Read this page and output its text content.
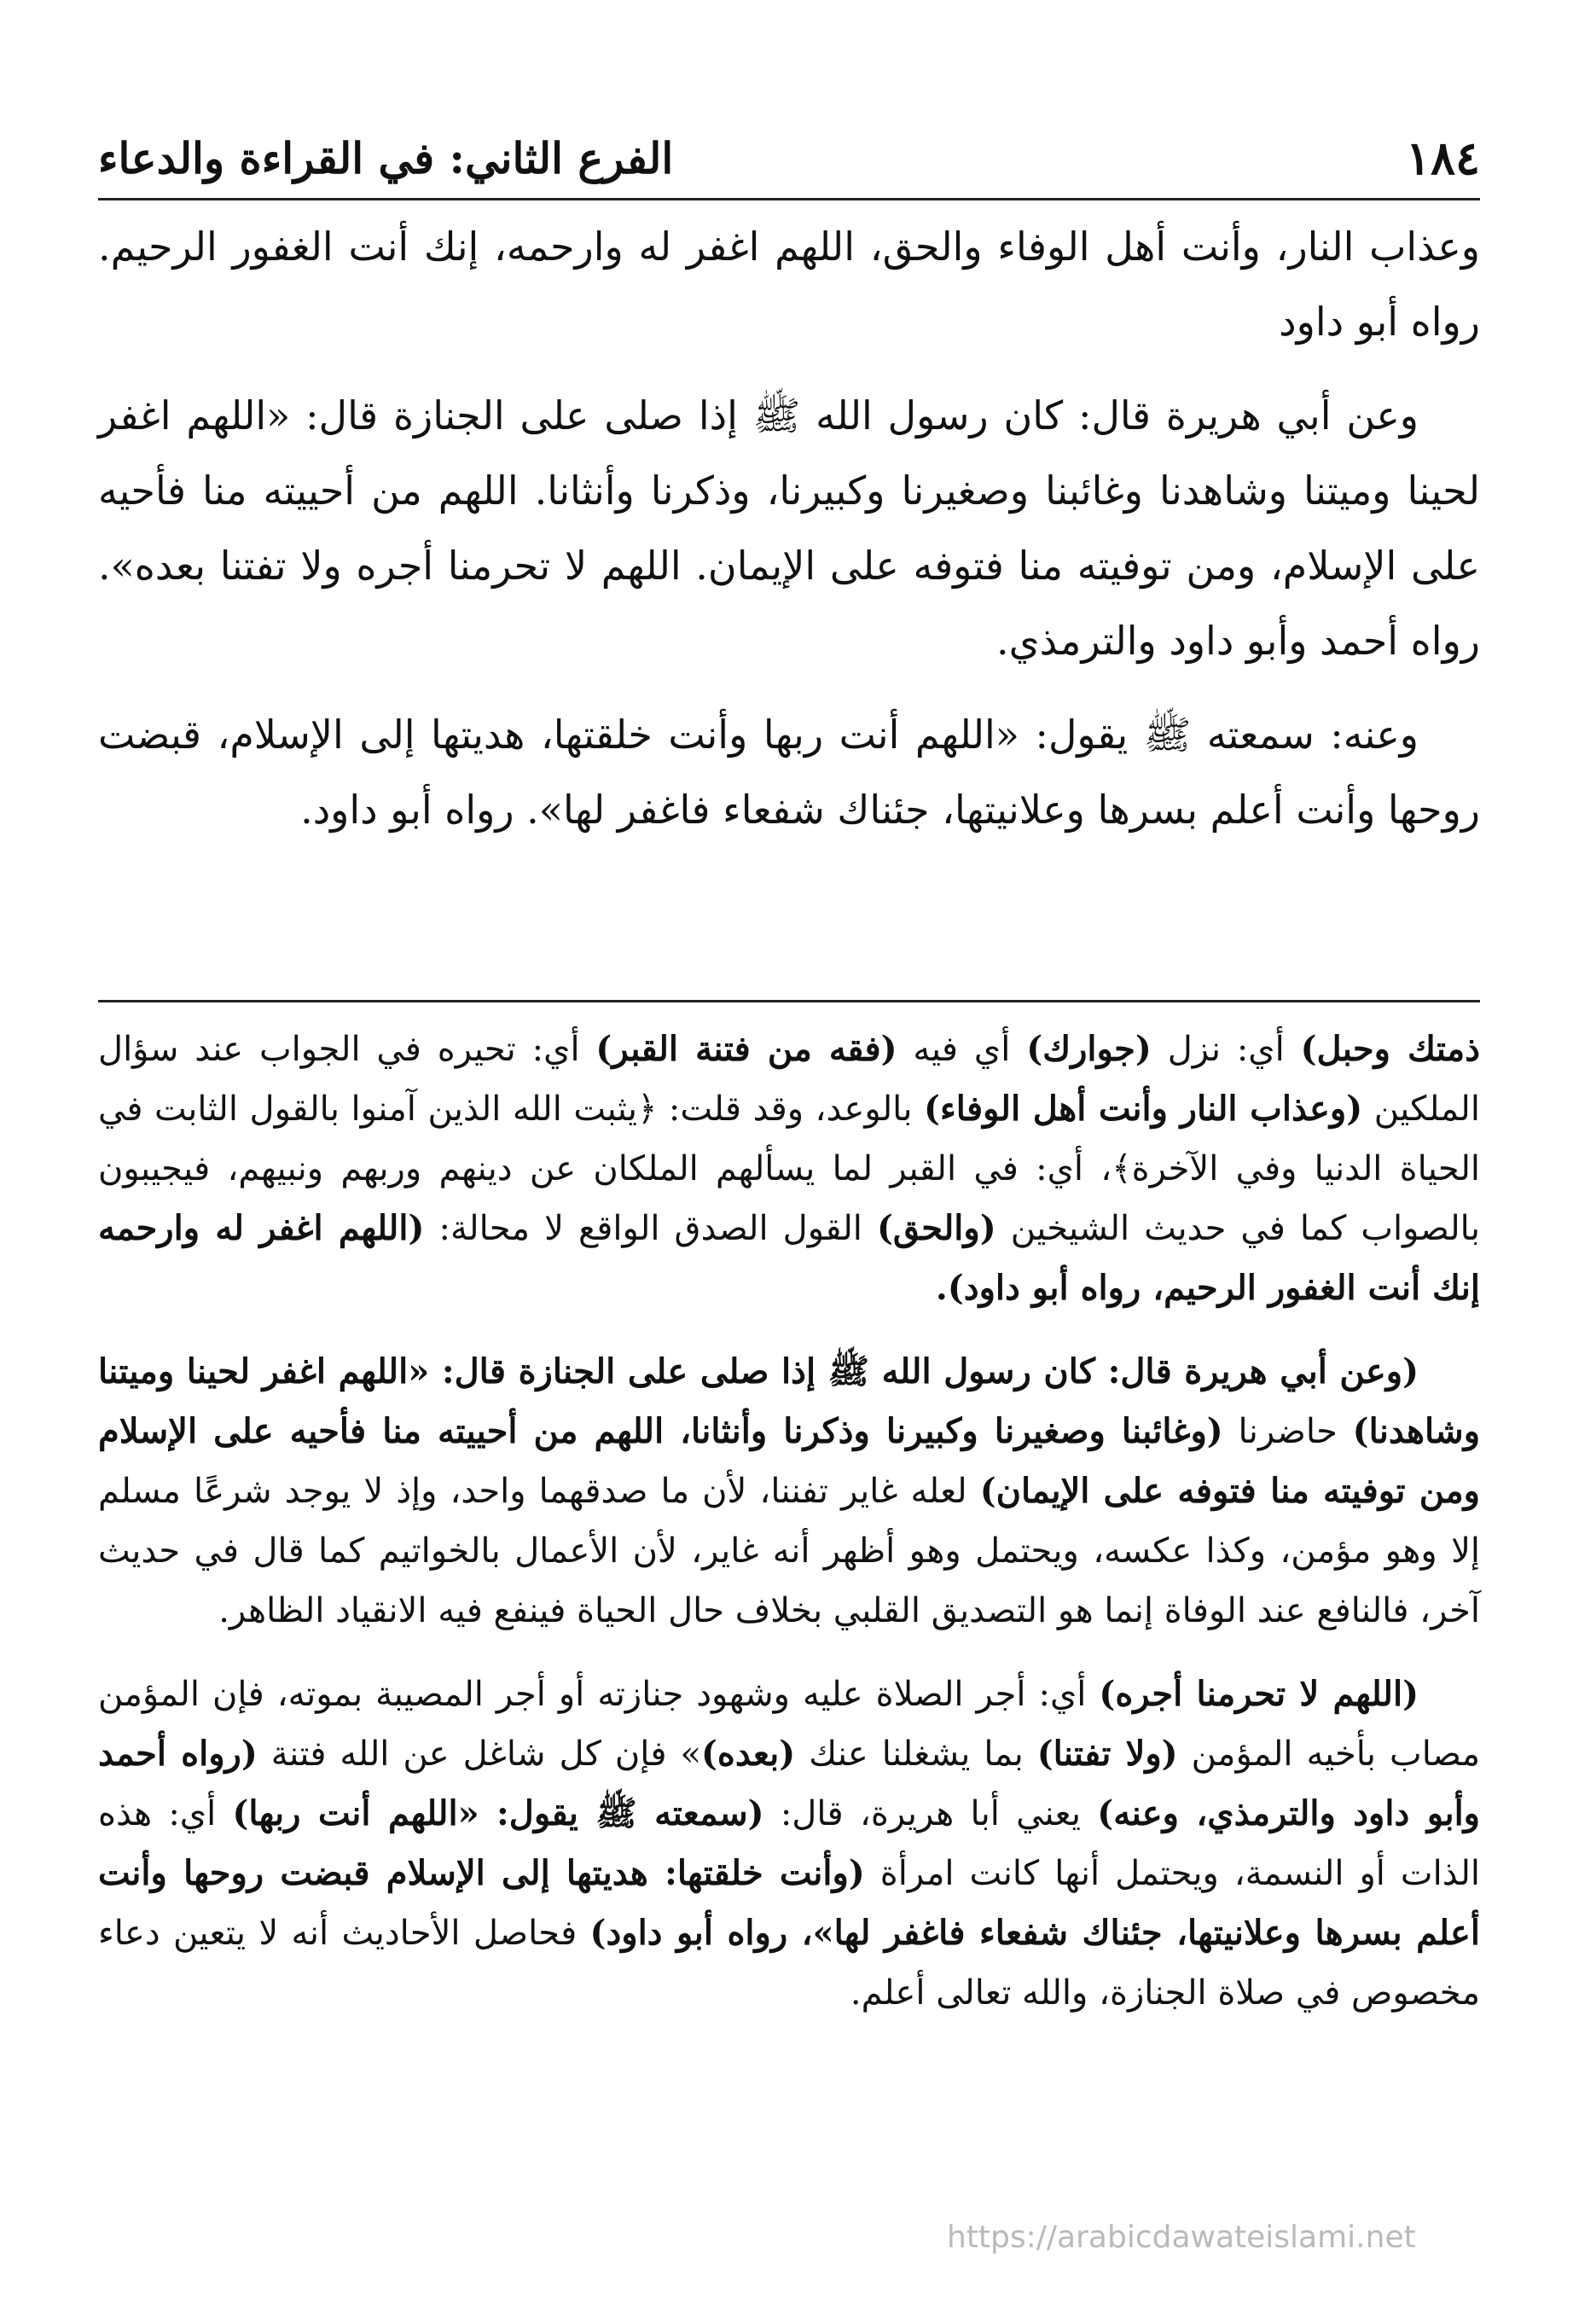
١٨٤
الفرع الثاني: في القراءة والدعاء

وعذاب النار، وأنت أهل الوفاء والحق، اللهم اغفر له وارحمه، إنك أنت الغفور الرحيم. رواه أبو داود

وعن أبي هريرة قال: كان رسول الله ﷺ إذا صلى على الجنازة قال: «اللهم اغفر لحينا وميتنا وشاهدنا وغائبنا وصغيرنا وكبيرنا، وذكرنا وأنثانا. اللهم من أحييته منا فأحيه على الإسلام، ومن توفيته منا فتوفه على الإيمان. اللهم لا تحرمنا أجره ولا تفتنا بعده». رواه أحمد وأبو داود والترمذي.

وعنه: سمعته ﷺ يقول: «اللهم أنت ربها وأنت خلقتها، هديتها إلى الإسلام، قبضت روحها وأنت أعلم بسرها وعلانيتها، جئناك شفعاء فاغفر لها». رواه أبو داود.

ذمتك وحبل) أي: نزل (جوارك) أي فيه (فقه من فتنة القبر) أي: تحيره في الجواب عند سؤال الملكين (وعذاب النار وأنت أهل الوفاء) بالوعد، وقد قلت: ﴿يثبت الله الذين آمنوا بالقول الثابت في الحياة الدنيا وفي الآخرة﴾، أي: في القبر لما يسألهم الملكان عن دينهم وربهم ونبيهم، فيجيبون بالصواب كما في حديث الشيخين (والحق) القول الصدق الواقع لا محالة: (اللهم اغفر له وارحمه إنك أنت الغفور الرحيم، رواه أبو داود).

(وعن أبي هريرة قال: كان رسول الله ﷺ إذا صلى على الجنازة قال: «اللهم اغفر لحينا وميتنا وشاهدنا) حاضرنا (وغائبنا وصغيرنا وكبيرنا وذكرنا وأنثانا، اللهم من أحييته منا فأحيه على الإسلام ومن توفيته منا فتوفه على الإيمان) لعله غاير تفننا، لأن ما صدقهما واحد، وإذ لا يوجد شرعًا مسلم إلا وهو مؤمن، وكذا عكسه، ويحتمل وهو أظهر أنه غاير، لأن الأعمال بالخواتيم كما قال في حديث آخر، فالنافع عند الوفاة إنما هو التصديق القلبي بخلاف حال الحياة فينفع فيه الانقياد الظاهر.

(اللهم لا تحرمنا أجره) أي: أجر الصلاة عليه وشهود جنازته أو أجر المصيبة بموته، فإن المؤمن مصاب بأخيه المؤمن (ولا تفتنا) بما يشغلنا عنك (بعده)» فإن كل شاغل عن الله فتنة (رواه أحمد وأبو داود والترمذي، وعنه) يعني أبا هريرة، قال: (سمعته ﷺ يقول: «اللهم أنت ربها) أي: هذه الذات أو النسمة، ويحتمل أنها كانت امرأة (وأنت خلقتها: هديتها إلى الإسلام قبضت روحها وأنت أعلم بسرها وعلانيتها، جئناك شفعاء فاغفر لها»، رواه أبو داود) فحاصل الأحاديث أنه لا يتعين دعاء مخصوص في صلاة الجنازة، والله تعالى أعلم.

https://arabicdawateislami.net
